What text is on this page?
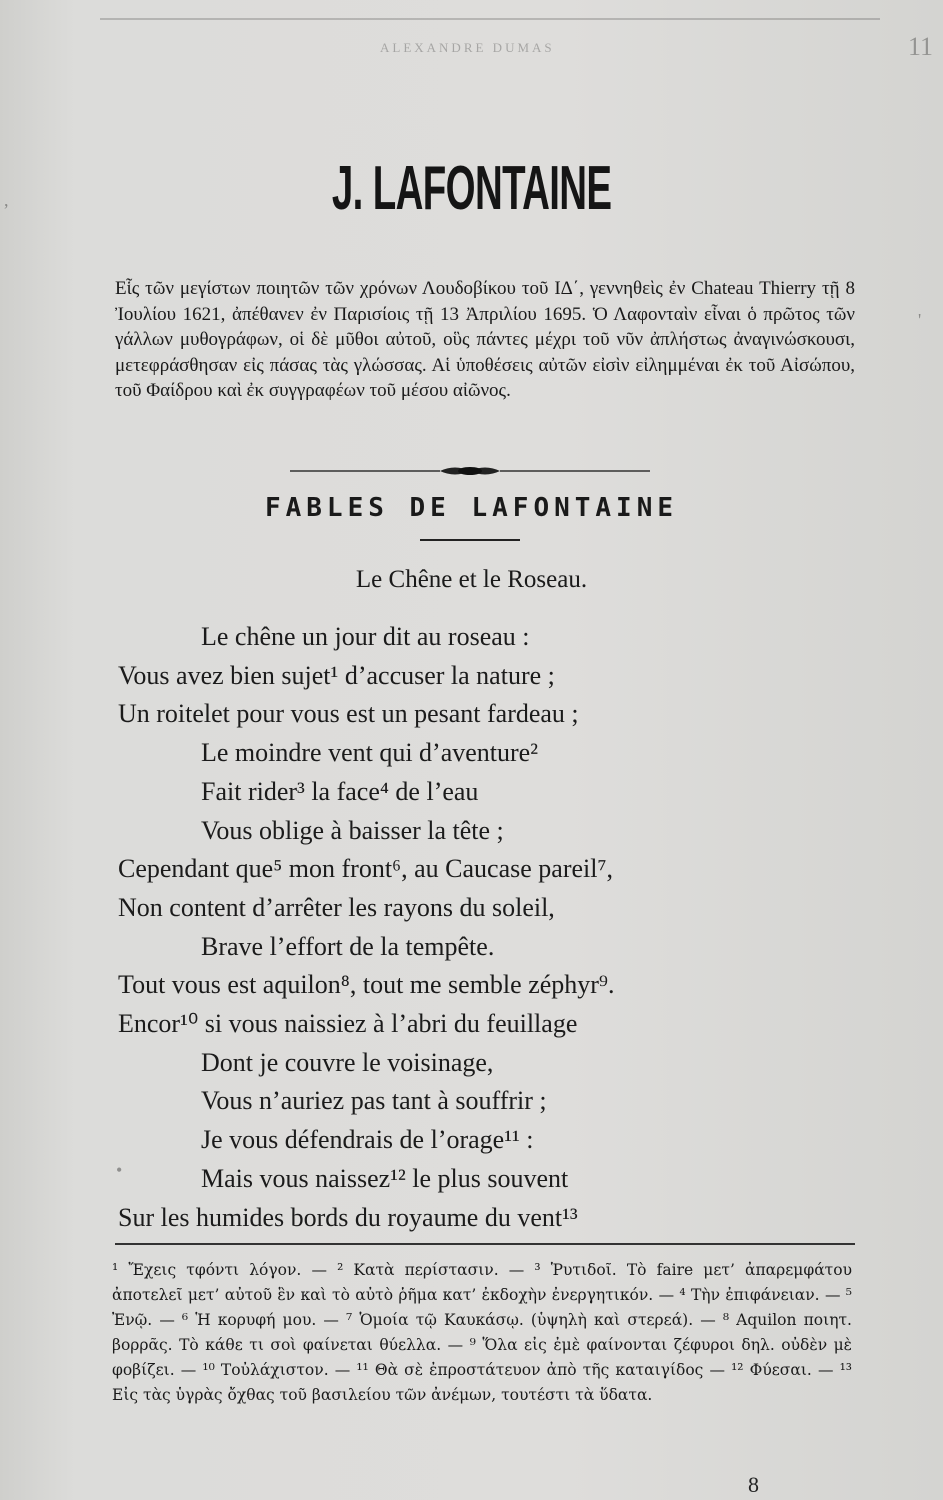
ALEXANDRE DUMAS	11
,
'
•
J. LAFONTAINE
Εἷς τῶν μεγίστων ποιητῶν τῶν χρόνων Λουδοβίκου τοῦ ΙΔ΄, γεννηθεὶς ἐν Chateau Thierry τῇ 8 Ἰουλίου 1621, ἀπέθανεν ἐν Παρισίοις τῇ 13 Ἀπριλίου 1695. Ὁ Λαφονταὶν εἶναι ὁ πρῶτος τῶν γάλλων μυθογράφων, οἱ δὲ μῦθοι αὐτοῦ, οὓς πάντες μέχρι τοῦ νῦν ἀπλήστως ἀναγινώσκουσι, μετεφράσθησαν εἰς πάσας τὰς γλώσσας. Αἱ ὑποθέσεις αὐτῶν εἰσὶν εἰλημμέναι ἐκ τοῦ Αἰσώπου, τοῦ Φαίδρου καὶ ἐκ συγγραφέων τοῦ μέσου αἰῶνος.
FABLES DE LAFONTAINE
Le Chêne et le Roseau.
Le chêne un jour dit au roseau :
Vous avez bien sujet¹ d’accuser la nature ;
Un roitelet pour vous est un pesant fardeau ;
Le moindre vent qui d’aventure²
Fait rider³ la face⁴ de l’eau
Vous oblige à baisser la tête ;
Cependant que⁵ mon front⁶, au Caucase pareil⁷,
Non content d’arrêter les rayons du soleil,
Brave l’effort de la tempête.
Tout vous est aquilon⁸, tout me semble zéphyr⁹.
Encor¹⁰ si vous naissiez à l’abri du feuillage
Dont je couvre le voisinage,
Vous n’auriez pas tant à souffrir ;
Je vous défendrais de l’orage¹¹ :
Mais vous naissez¹² le plus souvent
Sur les humides bords du royaume du vent¹³
¹ Ἔχεις τφόντι λόγον. — ² Κατὰ περίστασιν. — ³ Ῥυτιδοῖ. Τὸ faire μετ’ ἀπαρεμφάτου ἀποτελεῖ μετ’ αὐτοῦ ἓν καὶ τὸ αὐτὸ ῥῆμα κατ’ ἐκδοχὴν ἐνεργητικόν. — ⁴ Τὴν ἐπιφάνειαν. — ⁵ Ἐνῷ. — ⁶ Ἡ κορυφή μου. — ⁷ Ὁμοία τῷ Καυκάσῳ. (ὑψηλὴ καὶ στερεά). — ⁸ Aquilon ποιητ. βορρᾶς. Τὸ κάθε τι σοὶ φαίνεται θύελλα. — ⁹ Ὅλα εἰς ἐμὲ φαίνονται ζέφυροι δηλ. οὐδὲν μὲ φοβίζει. — ¹⁰ Τοὐλάχιστον. — ¹¹ Θὰ σὲ ἐπροστάτευον ἀπὸ τῆς καταιγίδος — ¹² Φύεσαι. — ¹³ Εἰς τὰς ὑγρὰς ὄχθας τοῦ βασιλείου τῶν ἀνέμων, τουτέστι τὰ ὕδατα.
8
